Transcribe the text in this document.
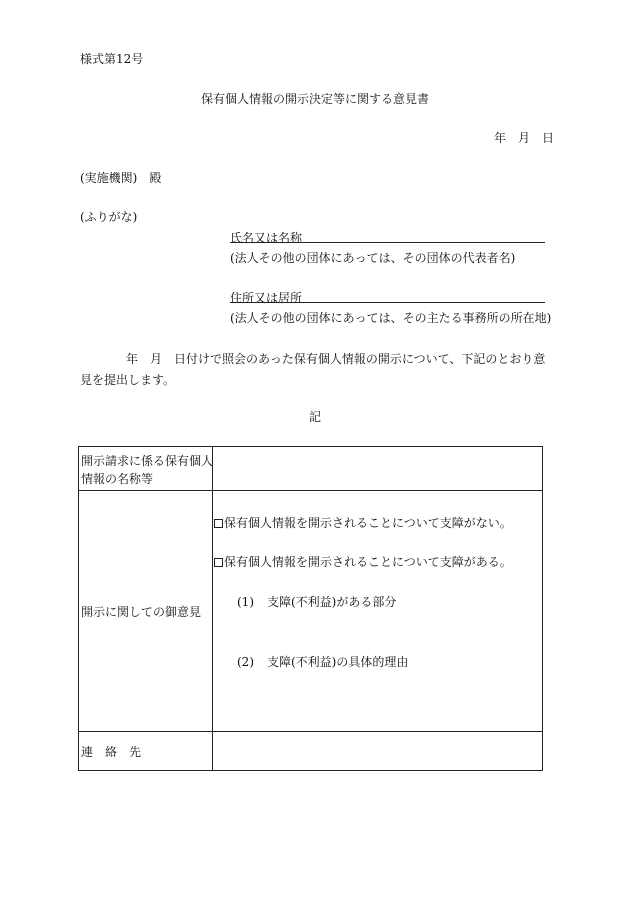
様式第12号
保有個人情報の開示決定等に関する意見書
年 月 日
(実施機関)　殿
(ふりがな)
氏名又は名称
(法人その他の団体にあっては、その団体の代表者名)
住所又は居所
(法人その他の団体にあっては、その主たる事務所の所在地)
年　月　日付けで照会のあった保有個人情報の開示について、下記のとおり意見を提出します。
記
開示請求に係る保有個人
情報の名称等
開示に関しての御意見
保有個人情報を開示されることについて支障がない。
保有個人情報を開示されることについて支障がある。
(1) 支障(不利益)がある部分
(2) 支障(不利益)の具体的理由
連　絡　先
